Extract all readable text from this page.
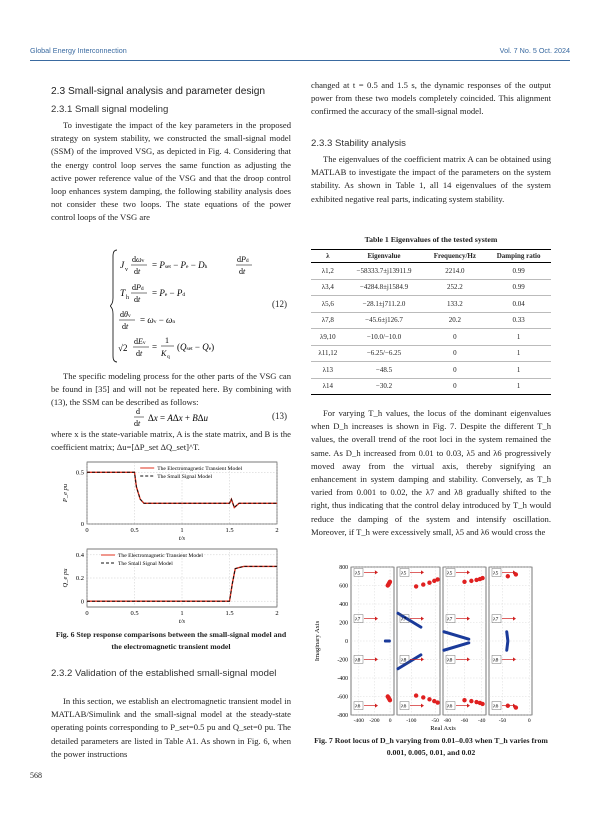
Global Energy Interconnection	Vol. 7 No. 5 Oct. 2024
2.3 Small-signal analysis and parameter design
2.3.1 Small signal modeling

To investigate the impact of the key parameters in the proposed strategy on system stability, we constructed the small-signal model (SSM) of the improved VSG, as depicted in Fig. 4. Considering that the energy control loop serves the same function as adjusting the active power reference value of the VSG and that the droop control loop enhances system damping, the following stability analysis does not consider these two loops. The state equations of the power control loops of the VSG are

J v
dωv
dt
= Pset − Pe − Dh
dPd
dt
T h
dPd
dt
= Pe − Pd
dθv
dt
= ωv − ωn
√2
dEv
dt
=
1
K q
(Qset − Qe)
(12)

The specific modeling process for the other parts of the VSG can be found in [35] and will not be repeated here. By combining with (13), the SSM can be described as follows:

d
dt
Δx = AΔx + BΔu	(13)

where x is the state-variable matrix, A is the state matrix, and B is the coefficient matrix; Δu=[ΔP_set ΔQ_set]^T.

0	0.5	1	1.5	2
0
0.5
t/s
P_e pu
The Electromagnetic Transient Model
The Small Signal Model
0	0.5	1	1.5	2
0
0.2
0.4
t/s
Q_e pu
The Electromagnetic Transient Model
The Small Signal Model
Fig. 6 Step response comparisons between the small-signal model and the electromagnetic transient model
2.3.2 Validation of the established small-signal model

In this section, we establish an electromagnetic transient model in MATLAB/Simulink and the small-signal model at the steady-state operating points corresponding to P_set=0.5 pu and Q_set=0 pu. The detailed parameters are listed in Table A1. As shown in Fig. 6, when the power instructions

568

changed at t = 0.5 and 1.5 s, the dynamic responses of the output power from these two models completely coincided. This alignment confirmed the accuracy of the small-signal model.

2.3.3 Stability analysis

The eigenvalues of the coefficient matrix A can be obtained using MATLAB to investigate the impact of the parameters on the system stability. As shown in Table 1, all 14 eigenvalues of the system exhibited negative real parts, indicating system stability.

Table 1 Eigenvalues of the tested system
λ	Eigenvalue	Frequency/Hz	Damping ratio
λ1,2	−58333.7±j13911.9	2214.0	0.99
λ3,4	−4284.8±j1584.9	252.2	0.99
λ5,6	−28.1±j711.2.0	133.2	0.04
λ7,8	−45.6±j126.7	20.2	0.33
λ9,10	−10.0/−10.0	0	1
λ11,12	−6.25/−6.25	0	1
λ13	−48.5	0	1
λ14	−30.2	0	1

For varying T_h values, the locus of the dominant eigenvalues when D_h increases is shown in Fig. 7. Despite the different T_h values, the overall trend of the root loci in the system remained the same. As D_h increased from 0.01 to 0.03, λ5 and λ6 progressively moved away from the virtual axis, thereby signifying an enhancement in system damping and stability. Conversely, as T_h varied from 0.001 to 0.02, the λ7 and λ8 gradually shifted to the right, thus indicating that the control delay introduced by T_h would reduce the damping of the system and intensify oscillation. Moreover, if T_h were excessively small, λ5 and λ6 would cross the

800
600
400
200
0
-200
-400
-600
-800
Imaginary Axis
-400 -200 0
λ5
λ6
λ7
λ8
-100	-50
λ5
λ6
λ7
λ8
-80 -60 -40
λ5
λ6
λ7
λ8
-50	0
λ5
λ6
λ7
λ8
Real Axis
Fig. 7 Root locus of D_h varying from 0.01–0.03 when T_h varies from 0.001, 0.005, 0.01, and 0.02
